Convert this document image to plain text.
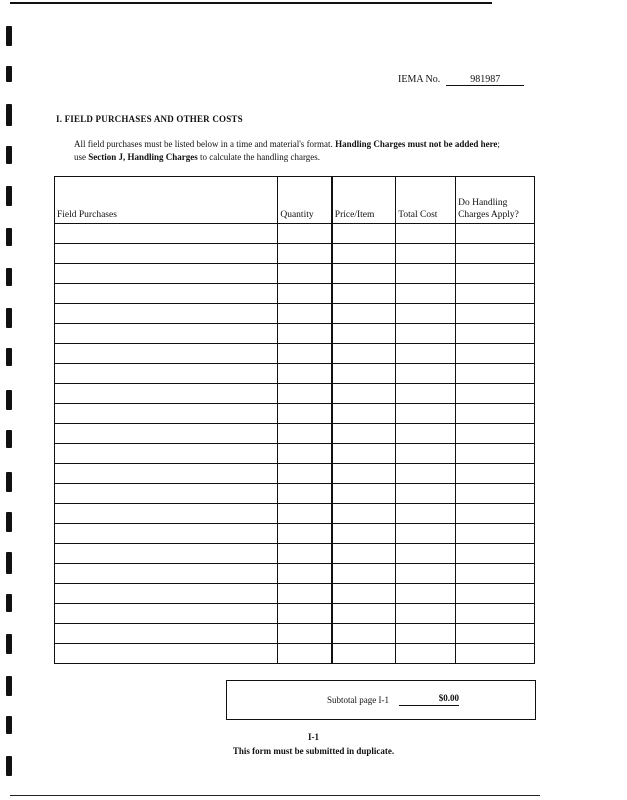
IEMA No.	981987
I. FIELD PURCHASES AND OTHER COSTS
All field purchases must be listed below in a time and material's format. Handling Charges must not be added here; use Section J, Handling Charges to calculate the handling charges.
Field Purchases	Quantity	Price/Item	Total Cost	Do Handling Charges Apply?

Subtotal page I-1	$0.00
I-1
This form must be submitted in duplicate.
